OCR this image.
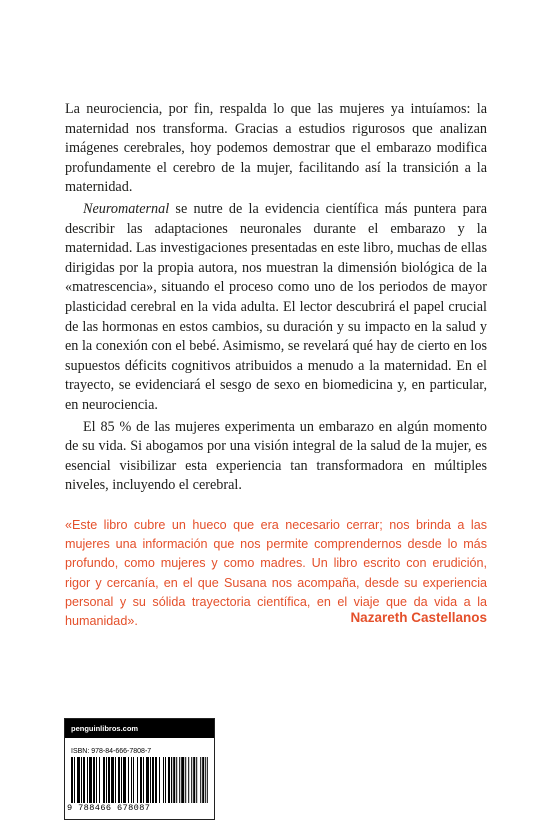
La neurociencia, por fin, respalda lo que las mujeres ya intuíamos: la maternidad nos transforma. Gracias a estudios rigurosos que analizan imágenes cerebrales, hoy podemos demostrar que el embarazo modifica profundamente el cerebro de la mujer, facilitando así la transición a la maternidad.

Neuromaternal se nutre de la evidencia científica más puntera para describir las adaptaciones neuronales durante el embarazo y la maternidad. Las investigaciones presentadas en este libro, muchas de ellas dirigidas por la propia autora, nos muestran la dimensión biológica de la «matrescencia», situando el proceso como uno de los periodos de mayor plasticidad cerebral en la vida adulta. El lector descubrirá el papel crucial de las hormonas en estos cambios, su duración y su impacto en la salud y en la conexión con el bebé. Asimismo, se revelará qué hay de cierto en los supuestos déficits cognitivos atribuidos a menudo a la maternidad. En el trayecto, se evidenciará el sesgo de sexo en biomedicina y, en particular, en neurociencia.

El 85 % de las mujeres experimenta un embarazo en algún momento de su vida. Si abogamos por una visión integral de la salud de la mujer, es esencial visibilizar esta experiencia tan transformadora en múltiples niveles, incluyendo el cerebral.

«Este libro cubre un hueco que era necesario cerrar; nos brinda a las mujeres una información que nos permite comprendernos desde lo más profundo, como mujeres y como madres. Un libro escrito con erudición, rigor y cercanía, en el que Susana nos acompaña, desde su experiencia personal y su sólida trayectoria científica, en el viaje que da vida a la humanidad».	Nazareth Castellanos
penguinlibros.com
ISBN: 978-84-666-7808-7
9 788466 678087
